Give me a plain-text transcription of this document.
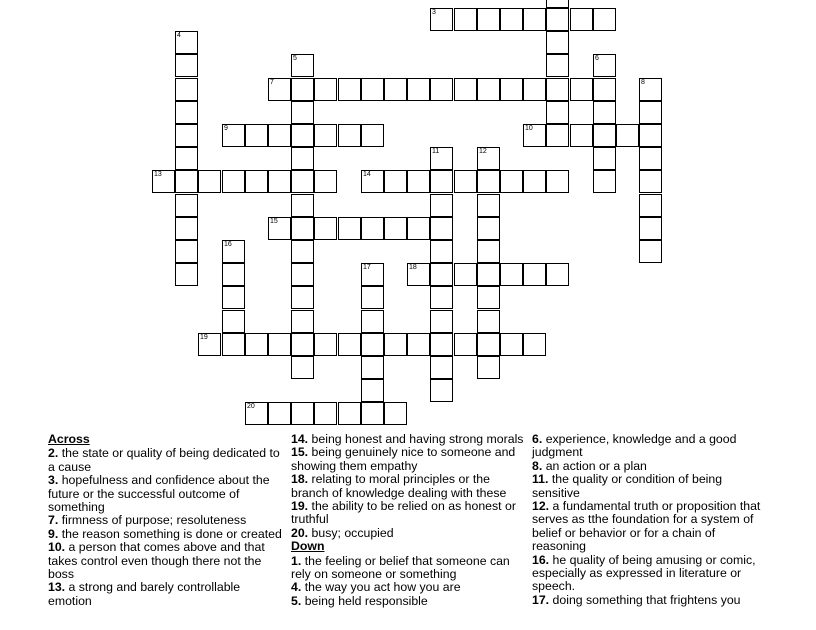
3
7
9	10
13	14
15
18
19
20
4
5	6
8
11	12
16
17
Across
2. the state or quality of being dedicated to a cause
3. hopefulness and confidence about the future or the successful outcome of something
7. firmness of purpose; resoluteness
9. the reason something is done or created
10. a person that comes above and that takes control even though there not the boss
13. a strong and barely controllable emotion
14. being honest and having strong morals
15. being genuinely nice to someone and showing them empathy
18. relating to moral principles or the branch of knowledge dealing with these
19. the ability to be relied on as honest or truthful
20. busy; occupied
Down
1. the feeling or belief that someone can rely on someone or something
4. the way you act how you are
5. being held responsible
6. experience, knowledge and a good judgment
8. an action or a plan
11. the quality or condition of being sensitive
12. a fundamental truth or proposition that serves as tthe foundation for a system of belief or behavior or for a chain of reasoning
16. he quality of being amusing or comic, especially as expressed in literature or speech.
17. doing something that frightens you
